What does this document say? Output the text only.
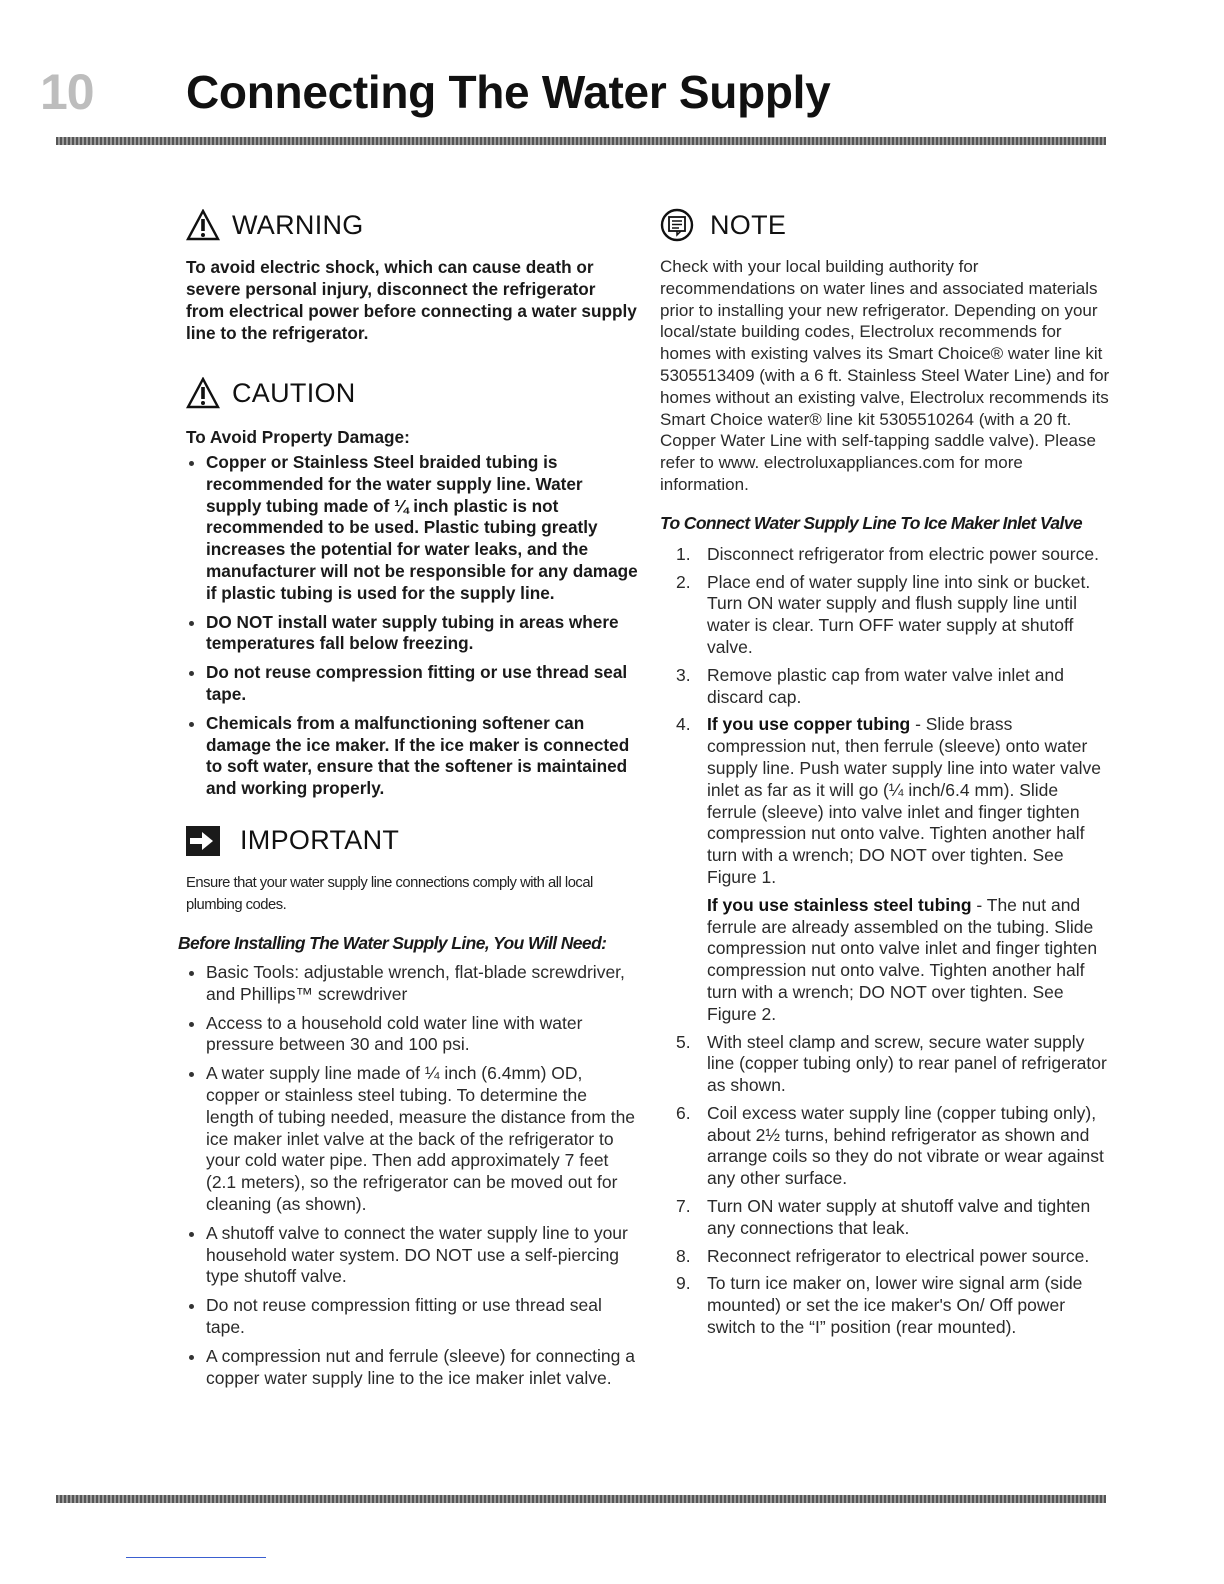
10 Connecting The Water Supply
WARNING

To avoid electric shock, which can cause death or severe personal injury, disconnect the refrigerator from electrical power before connecting a water supply line to the refrigerator.

CAUTION

To Avoid Property Damage:

Copper or Stainless Steel braided tubing is recommended for the water supply line. Water supply tubing made of ¼ inch plastic is not recommended to be used. Plastic tubing greatly increases the potential for water leaks, and the manufacturer will not be responsible for any damage if plastic tubing is used for the supply line.
DO NOT install water supply tubing in areas where temperatures fall below freezing.
Do not reuse compression fitting or use thread seal tape.
Chemicals from a malfunctioning softener can damage the ice maker. If the ice maker is connected to soft water, ensure that the softener is maintained and working properly.
IMPORTANT

Ensure that your water supply line connections comply with all local plumbing codes.

Before Installing The Water Supply Line, You Will Need:

Basic Tools: adjustable wrench, flat-blade screwdriver, and Phillips™ screwdriver
Access to a household cold water line with water pressure between 30 and 100 psi.
A water supply line made of ¼ inch (6.4mm) OD, copper or stainless steel tubing. To determine the length of tubing needed, measure the distance from the ice maker inlet valve at the back of the refrigerator to your cold water pipe. Then add approximately 7 feet (2.1 meters), so the refrigerator can be moved out for cleaning (as shown).
A shutoff valve to connect the water supply line to your household water system. DO NOT use a self-piercing type shutoff valve.
Do not reuse compression fitting or use thread seal tape.
A compression nut and ferrule (sleeve) for connecting a copper water supply line to the ice maker inlet valve.
NOTE

Check with your local building authority for recommendations on water lines and associated materials prior to installing your new refrigerator. Depending on your local/state building codes, Electrolux recommends for homes with existing valves its Smart Choice® water line kit 5305513409 (with a 6 ft. Stainless Steel Water Line) and for homes without an existing valve, Electrolux recommends its Smart Choice water® line kit 5305510264 (with a 20 ft. Copper Water Line with self-tapping saddle valve). Please refer to www. electroluxappliances.com for more information.

To Connect Water Supply Line To Ice Maker Inlet Valve

1. Disconnect refrigerator from electric power source.
2. Place end of water supply line into sink or bucket. Turn ON water supply and flush supply line until water is clear. Turn OFF water supply at shutoff valve.
3. Remove plastic cap from water valve inlet and discard cap.
4. If you use copper tubing - Slide brass compression nut, then ferrule (sleeve) onto water supply line. Push water supply line into water valve inlet as far as it will go (¼ inch/6.4 mm). Slide ferrule (sleeve) into valve inlet and finger tighten compression nut onto valve. Tighten another half turn with a wrench; DO NOT over tighten. See Figure 1.

If you use stainless steel tubing - The nut and ferrule are already assembled on the tubing. Slide compression nut onto valve inlet and finger tighten compression nut onto valve. Tighten another half turn with a wrench; DO NOT over tighten. See Figure 2.

5. With steel clamp and screw, secure water supply line (copper tubing only) to rear panel of refrigerator as shown.
6. Coil excess water supply line (copper tubing only), about 2½ turns, behind refrigerator as shown and arrange coils so they do not vibrate or wear against any other surface.
7. Turn ON water supply at shutoff valve and tighten any connections that leak.
8. Reconnect refrigerator to electrical power source.
9. To turn ice maker on, lower wire signal arm (side mounted) or set the ice maker's On/ Off power switch to the “I” position (rear mounted).
